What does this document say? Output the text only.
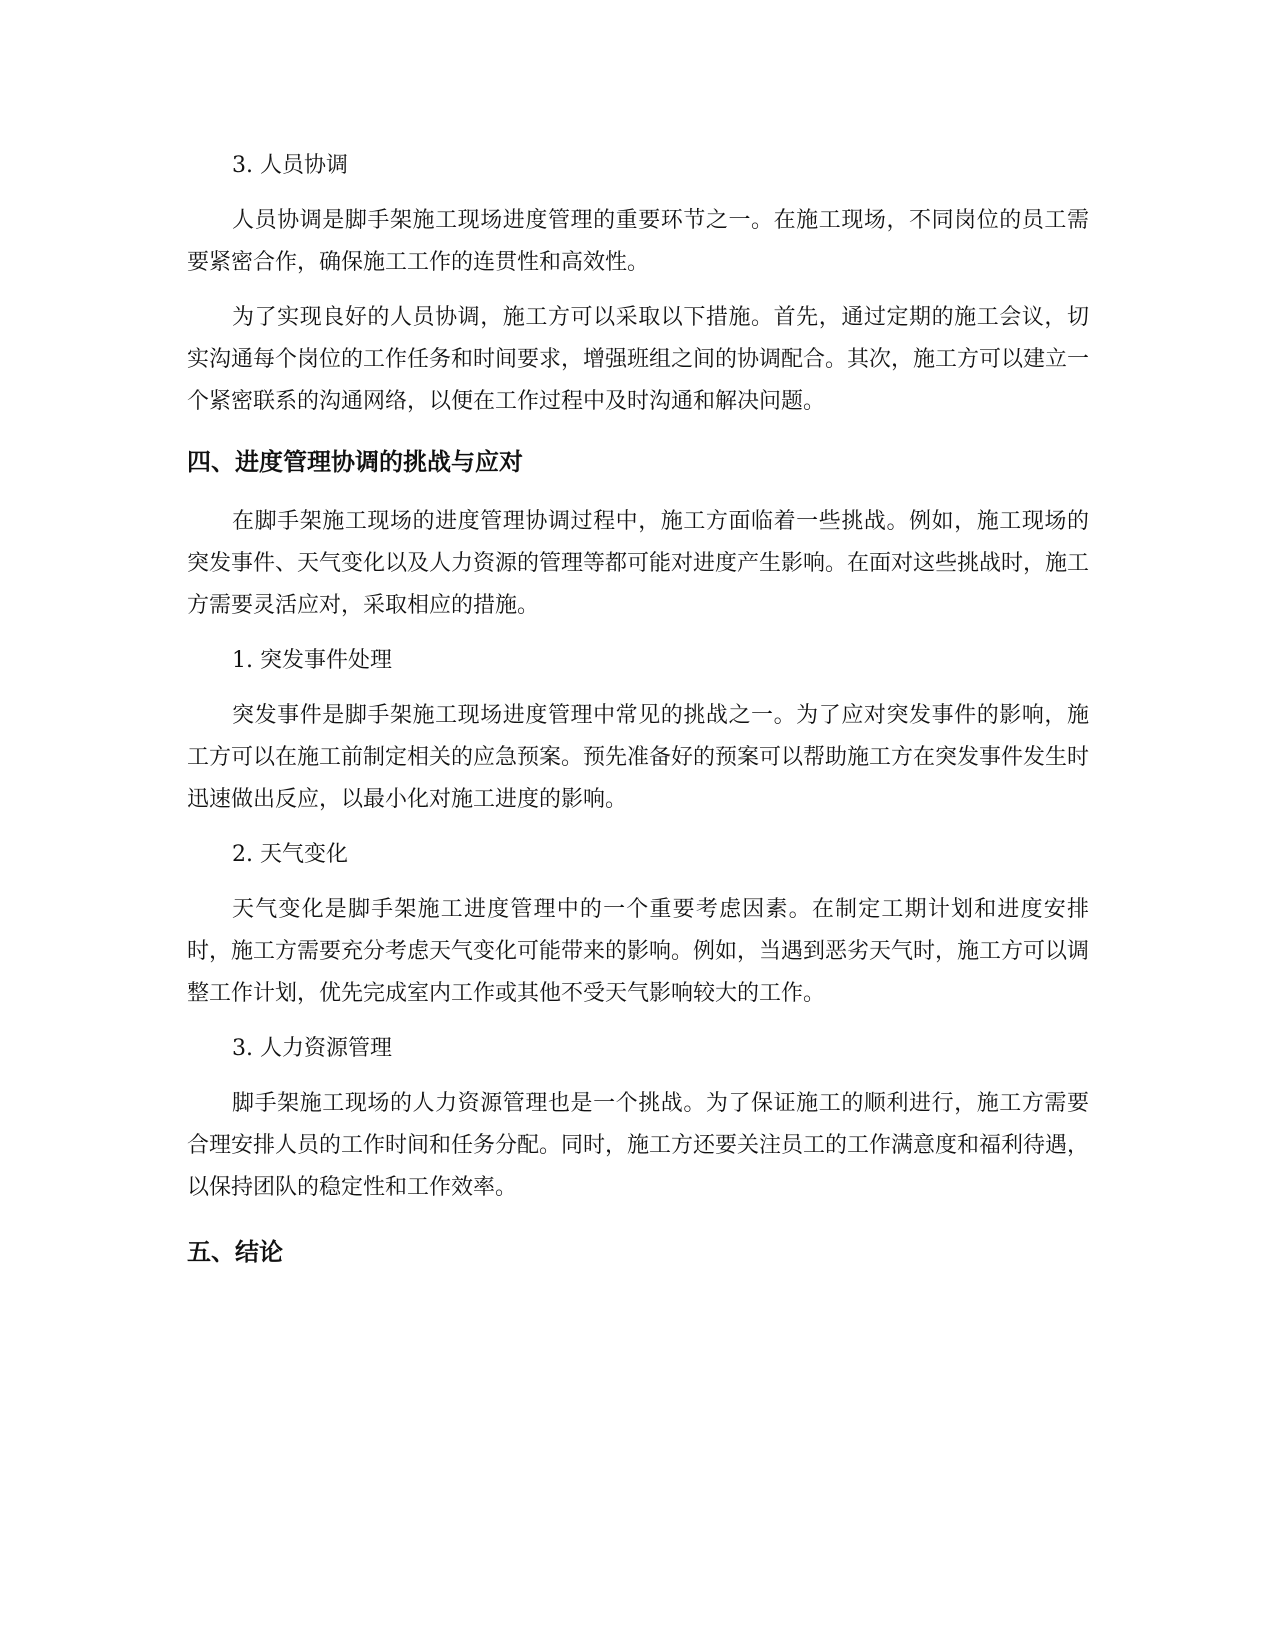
3. 人员协调

人员协调是脚手架施工现场进度管理的重要环节之一。在施工现场，不同岗位的员工需要紧密合作，确保施工工作的连贯性和高效性。

为了实现良好的人员协调，施工方可以采取以下措施。首先，通过定期的施工会议，切实沟通每个岗位的工作任务和时间要求，增强班组之间的协调配合。其次，施工方可以建立一个紧密联系的沟通网络，以便在工作过程中及时沟通和解决问题。

四、进度管理协调的挑战与应对

在脚手架施工现场的进度管理协调过程中，施工方面临着一些挑战。例如，施工现场的突发事件、天气变化以及人力资源的管理等都可能对进度产生影响。在面对这些挑战时，施工方需要灵活应对，采取相应的措施。

1. 突发事件处理

突发事件是脚手架施工现场进度管理中常见的挑战之一。为了应对突发事件的影响，施工方可以在施工前制定相关的应急预案。预先准备好的预案可以帮助施工方在突发事件发生时迅速做出反应，以最小化对施工进度的影响。

2. 天气变化

天气变化是脚手架施工进度管理中的一个重要考虑因素。在制定工期计划和进度安排时，施工方需要充分考虑天气变化可能带来的影响。例如，当遇到恶劣天气时，施工方可以调整工作计划，优先完成室内工作或其他不受天气影响较大的工作。

3. 人力资源管理

脚手架施工现场的人力资源管理也是一个挑战。为了保证施工的顺利进行，施工方需要合理安排人员的工作时间和任务分配。同时，施工方还要关注员工的工作满意度和福利待遇，以保持团队的稳定性和工作效率。

五、结论
